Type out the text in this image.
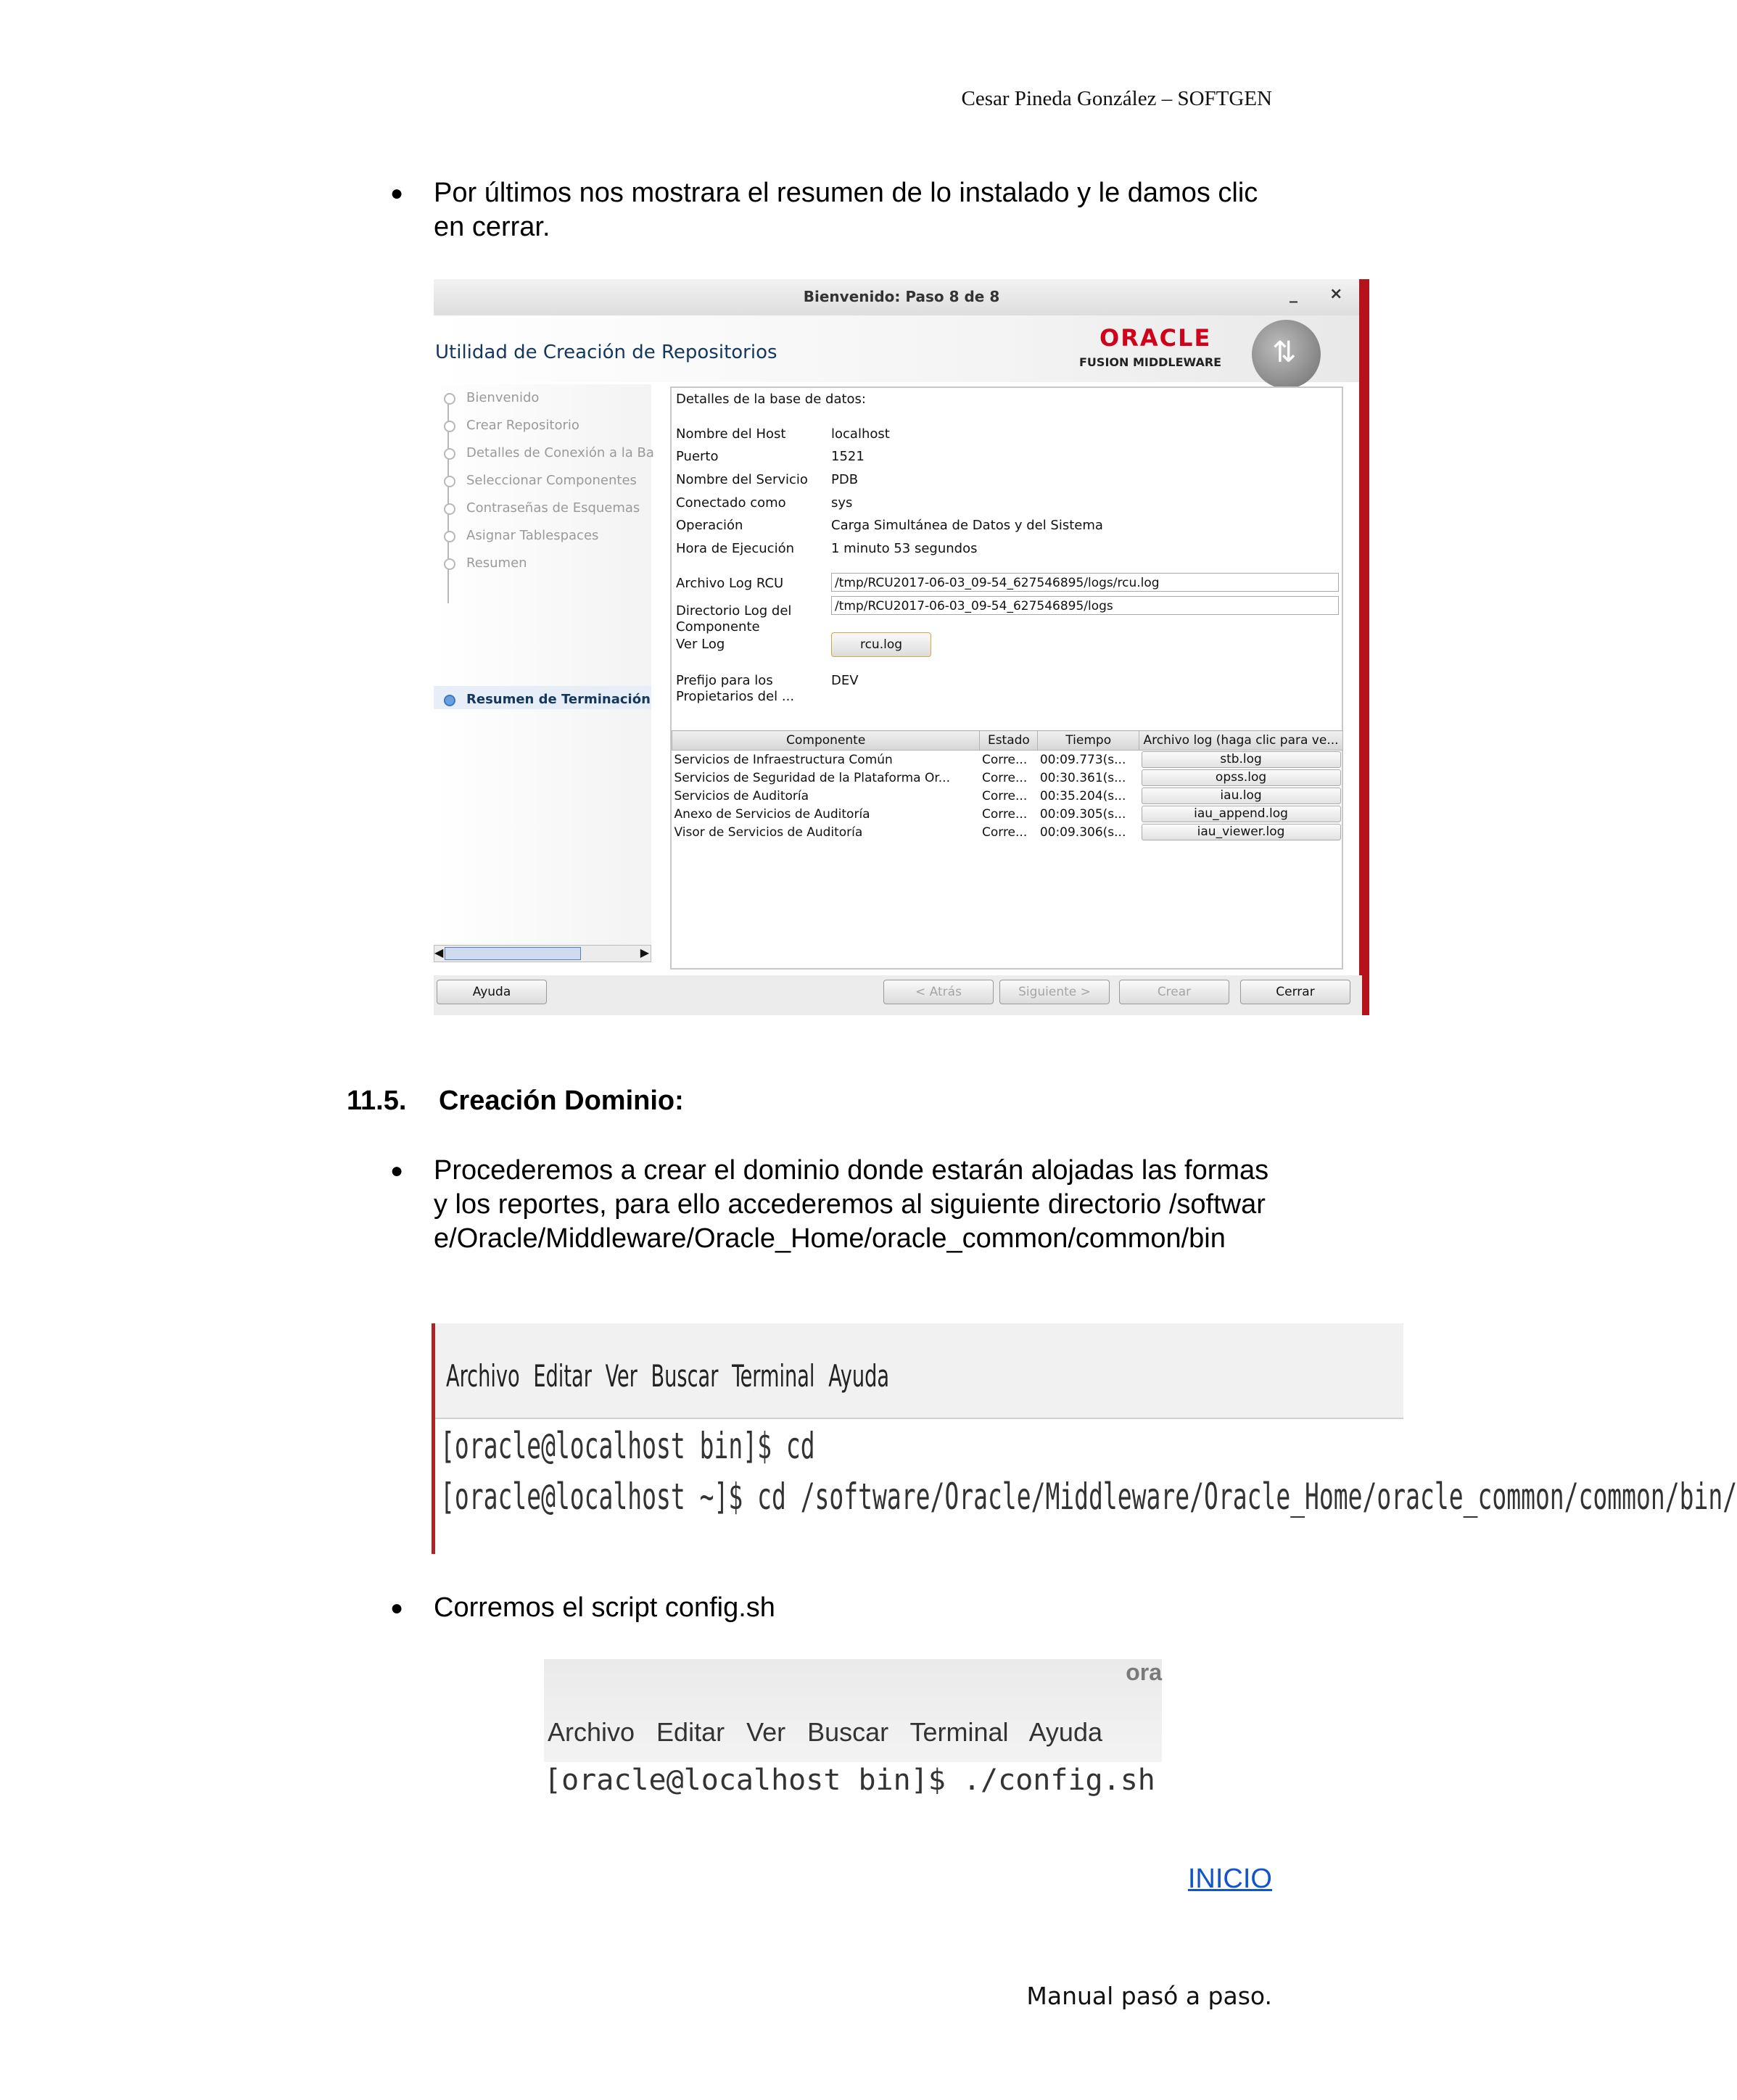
Cesar Pineda González – SOFTGEN
● Por últimos nos mostrara el resumen de lo instalado y le damos clic en cerrar.
Bienvenido: Paso 8 de 8	_ ×
Utilidad de Creación de Repositorios
ORACLE
FUSION MIDDLEWARE ⇅
Bienvenido
Crear Repositorio
Detalles de Conexión a la Ba
Seleccionar Componentes
Contraseñas de Esquemas
Asignar Tablespaces
Resumen
Resumen de Terminación
Detalles de la base de datos:
Nombre del Host	localhost
Puerto	1521
Nombre del Servicio PDB
Conectado como	sys
Operación	Carga Simultánea de Datos y del Sistema
Hora de Ejecución	1 minuto 53 segundos
Archivo Log RCU	/tmp/RCU2017-06-03_09-54_627546895/logs/rcu.log
Directorio Log del Componente
/tmp/RCU2017-06-03_09-54_627546895/logs
Ver Log	rcu.log
Prefijo para los Propietarios del ...
DEV
Componente	Estado	Tiempo	Archivo log (haga clic para ve...
Servicios de Infraestructura Común	Corre...	00:09.773(s...	stb.log

Servicios de Seguridad de la Plataforma Or...	Corre...	00:30.361(s...	opss.log

Servicios de Auditoría	Corre...	00:35.204(s...	iau.log

Anexo de Servicios de Auditoría	Corre...	00:09.305(s...	iau_append.log

Visor de Servicios de Auditoría	Corre...	00:09.306(s...	iau_viewer.log
◀	▶
Ayuda	< Atrás	Siguiente >	Crear	Cerrar
11.5. Creación Dominio:
● Procederemos a crear el dominio donde estarán alojadas las formas y los reportes, para ello accederemos al siguiente directorio /software/Oracle/Middleware/Oracle_Home/oracle_common/common/bin
Archivo Editar Ver Buscar Terminal Ayuda
[oracle@localhost bin]$ cd
[oracle@localhost ~]$ cd /software/Oracle/Middleware/Oracle_Home/oracle_common/common/bin/
● Corremos el script config.sh
ora
Archivo Editar Ver Buscar Terminal Ayuda
[oracle@localhost bin]$ ./config.sh
INICIO
Manual pasó a paso.
